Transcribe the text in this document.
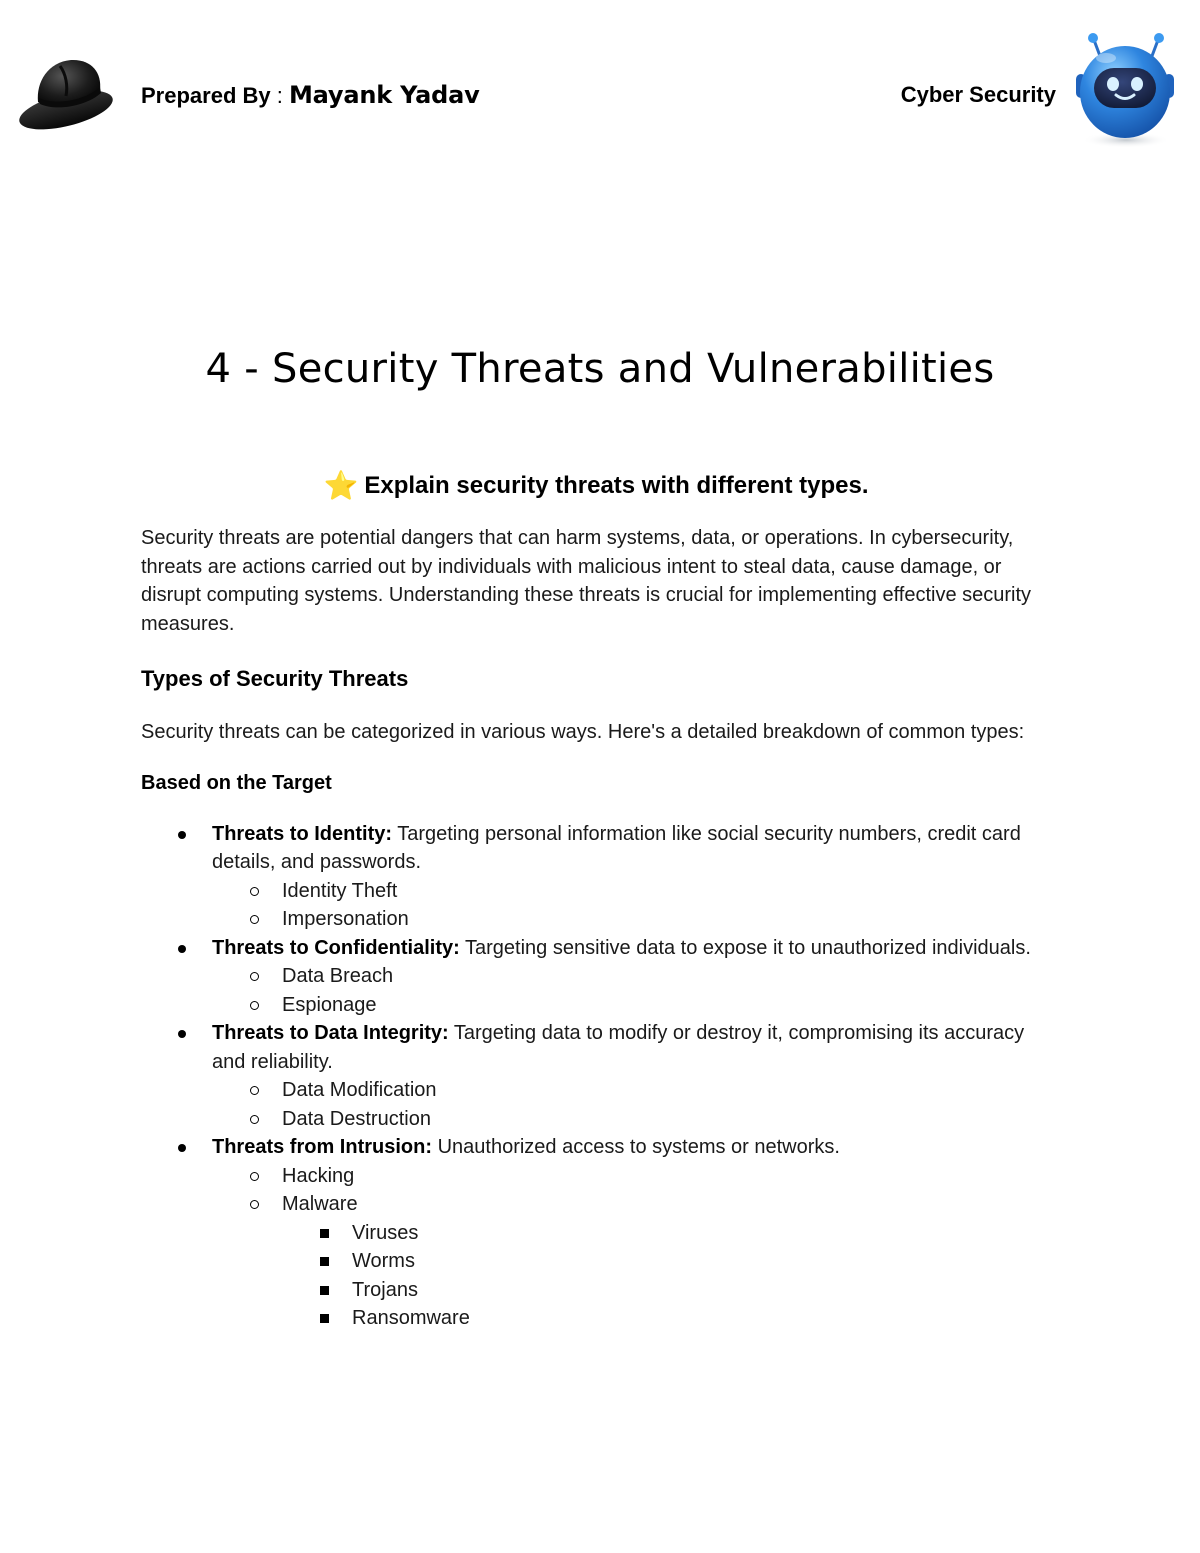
Prepared By : Mayank Yadav	Cyber Security
4 - Security Threats and Vulnerabilities
⭐ Explain security threats with different types.

Security threats are potential dangers that can harm systems, data, or operations. In cybersecurity, threats are actions carried out by individuals with malicious intent to steal data, cause damage, or disrupt computing systems. Understanding these threats is crucial for implementing effective security measures.

Types of Security Threats

Security threats can be categorized in various ways. Here's a detailed breakdown of common types:

Based on the Target
Threats to Identity: Targeting personal information like social security numbers, credit card details, and passwords.
Identity Theft
Impersonation
Threats to Confidentiality: Targeting sensitive data to expose it to unauthorized individuals.
Data Breach
Espionage
Threats to Data Integrity: Targeting data to modify or destroy it, compromising its accuracy and reliability.
Data Modification
Data Destruction
Threats from Intrusion: Unauthorized access to systems or networks.
Hacking
Malware
Viruses
Worms
Trojans
Ransomware
